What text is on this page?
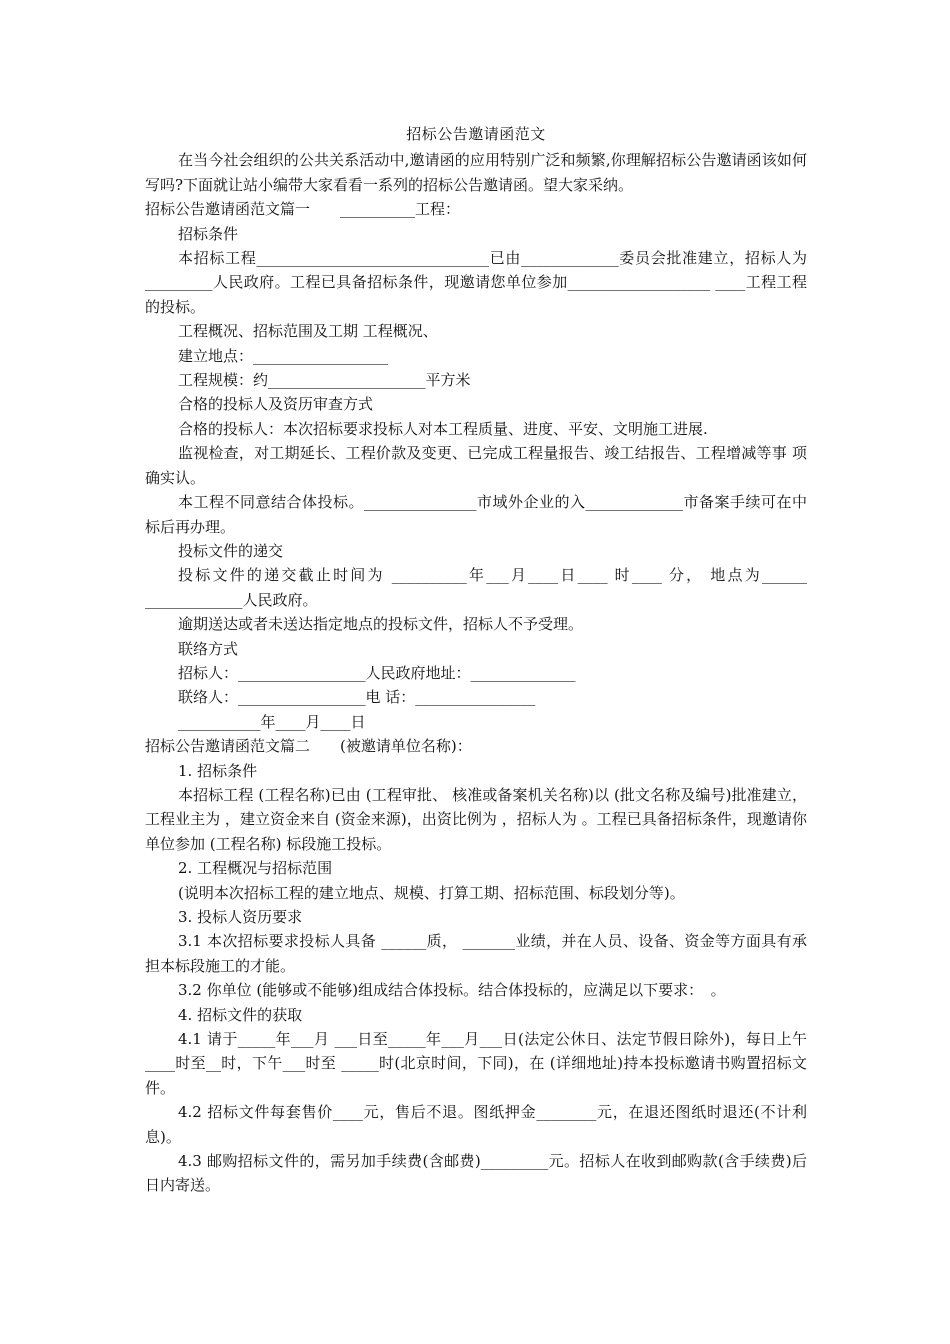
招标公告邀请函范文

在当今社会组织的公共关系活动中,邀请函的应用特别广泛和频繁,你理解招标公告邀请函该如何写吗?下面就让站小编带大家看看一系列的招标公告邀请函。望大家采纳。

招标公告邀请函范文篇一　　__________工程：

招标条件

本招标工程_______________________________已由_____________委员会批准建立，招标人为_________人民政府。工程已具备招标条件，现邀请您单位参加___________________ ____工程工程的投标。

工程概况、招标范围及工期 工程概况、

建立地点：__________________

工程规模：约_____________________平方米

合格的投标人及资历审查方式

合格的投标人：本次招标要求投标人对本工程质量、进度、平安、文明施工进展.

监视检查，对工期延长、工程价款及变更、已完成工程量报告、竣工结报告、工程增减等事 项确实认。

本工程不同意结合体投标。_______________市域外企业的入_____________市备案手续可在中标后再办理。

投标文件的递交

投标文件的递交截止时间为 __________年___月____日____ 时____ 分， 地点为______ _____________人民政府。

逾期送达或者未送达指定地点的投标文件，招标人不予受理。

联络方式

招标人：_________________人民政府地址：______________

联络人：_________________电 话：________________

___________年____月____日

招标公告邀请函范文篇二　　(被邀请单位名称)：

1. 招标条件

本招标工程 (工程名称)已由 (工程审批、 核准或备案机关名称)以 (批文名称及编号)批准建立，工程业主为 ，建立资金来自 (资金来源)，出资比例为 ，招标人为 。工程已具备招标条件，现邀请你单位参加 (工程名称) 标段施工投标。

2. 工程概况与招标范围

(说明本次招标工程的建立地点、规模、打算工期、招标范围、标段划分等)。

3. 投标人资历要求

3.1 本次招标要求投标人具备 ______质， _______业绩，并在人员、设备、资金等方面具有承担本标段施工的才能。

3.2 你单位 (能够或不能够)组成结合体投标。结合体投标的，应满足以下要求：　。

4. 招标文件的获取

4.1 请于_____年___月 ___日至_____年___月___日(法定公休日、法定节假日除外)，每日上午____时至__时，下午___时至 _____时(北京时间，下同)，在 (详细地址)持本投标邀请书购置招标文件。

4.2 招标文件每套售价____元，售后不退。图纸押金________元，在退还图纸时退还(不计利息)。

4.3 邮购招标文件的，需另加手续费(含邮费)_________元。招标人在收到邮购款(含手续费)后 日内寄送。
